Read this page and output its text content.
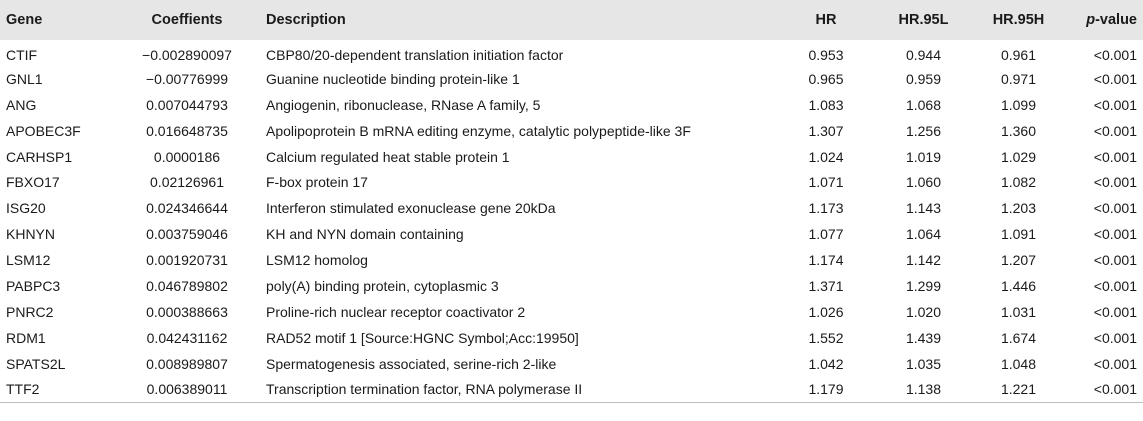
Gene	Coeffients	Description	HR	HR.95L	HR.95H	p-value
CTIF	−0.002890097	CBP80/20-dependent translation initiation factor	0.953	0.944	0.961	<0.001
GNL1	−0.00776999	Guanine nucleotide binding protein-like 1	0.965	0.959	0.971	<0.001
ANG	0.007044793	Angiogenin, ribonuclease, RNase A family, 5	1.083	1.068	1.099	<0.001
APOBEC3F	0.016648735	Apolipoprotein B mRNA editing enzyme, catalytic polypeptide-like 3F	1.307	1.256	1.360	<0.001
CARHSP1	0.0000186	Calcium regulated heat stable protein 1	1.024	1.019	1.029	<0.001
FBXO17	0.02126961	F-box protein 17	1.071	1.060	1.082	<0.001
ISG20	0.024346644	Interferon stimulated exonuclease gene 20kDa	1.173	1.143	1.203	<0.001
KHNYN	0.003759046	KH and NYN domain containing	1.077	1.064	1.091	<0.001
LSM12	0.001920731	LSM12 homolog	1.174	1.142	1.207	<0.001
PABPC3	0.046789802	poly(A) binding protein, cytoplasmic 3	1.371	1.299	1.446	<0.001
PNRC2	0.000388663	Proline-rich nuclear receptor coactivator 2	1.026	1.020	1.031	<0.001
RDM1	0.042431162	RAD52 motif 1 [Source:HGNC Symbol;Acc:19950]	1.552	1.439	1.674	<0.001
SPATS2L	0.008989807	Spermatogenesis associated, serine-rich 2-like	1.042	1.035	1.048	<0.001
TTF2	0.006389011	Transcription termination factor, RNA polymerase II	1.179	1.138	1.221	<0.001
